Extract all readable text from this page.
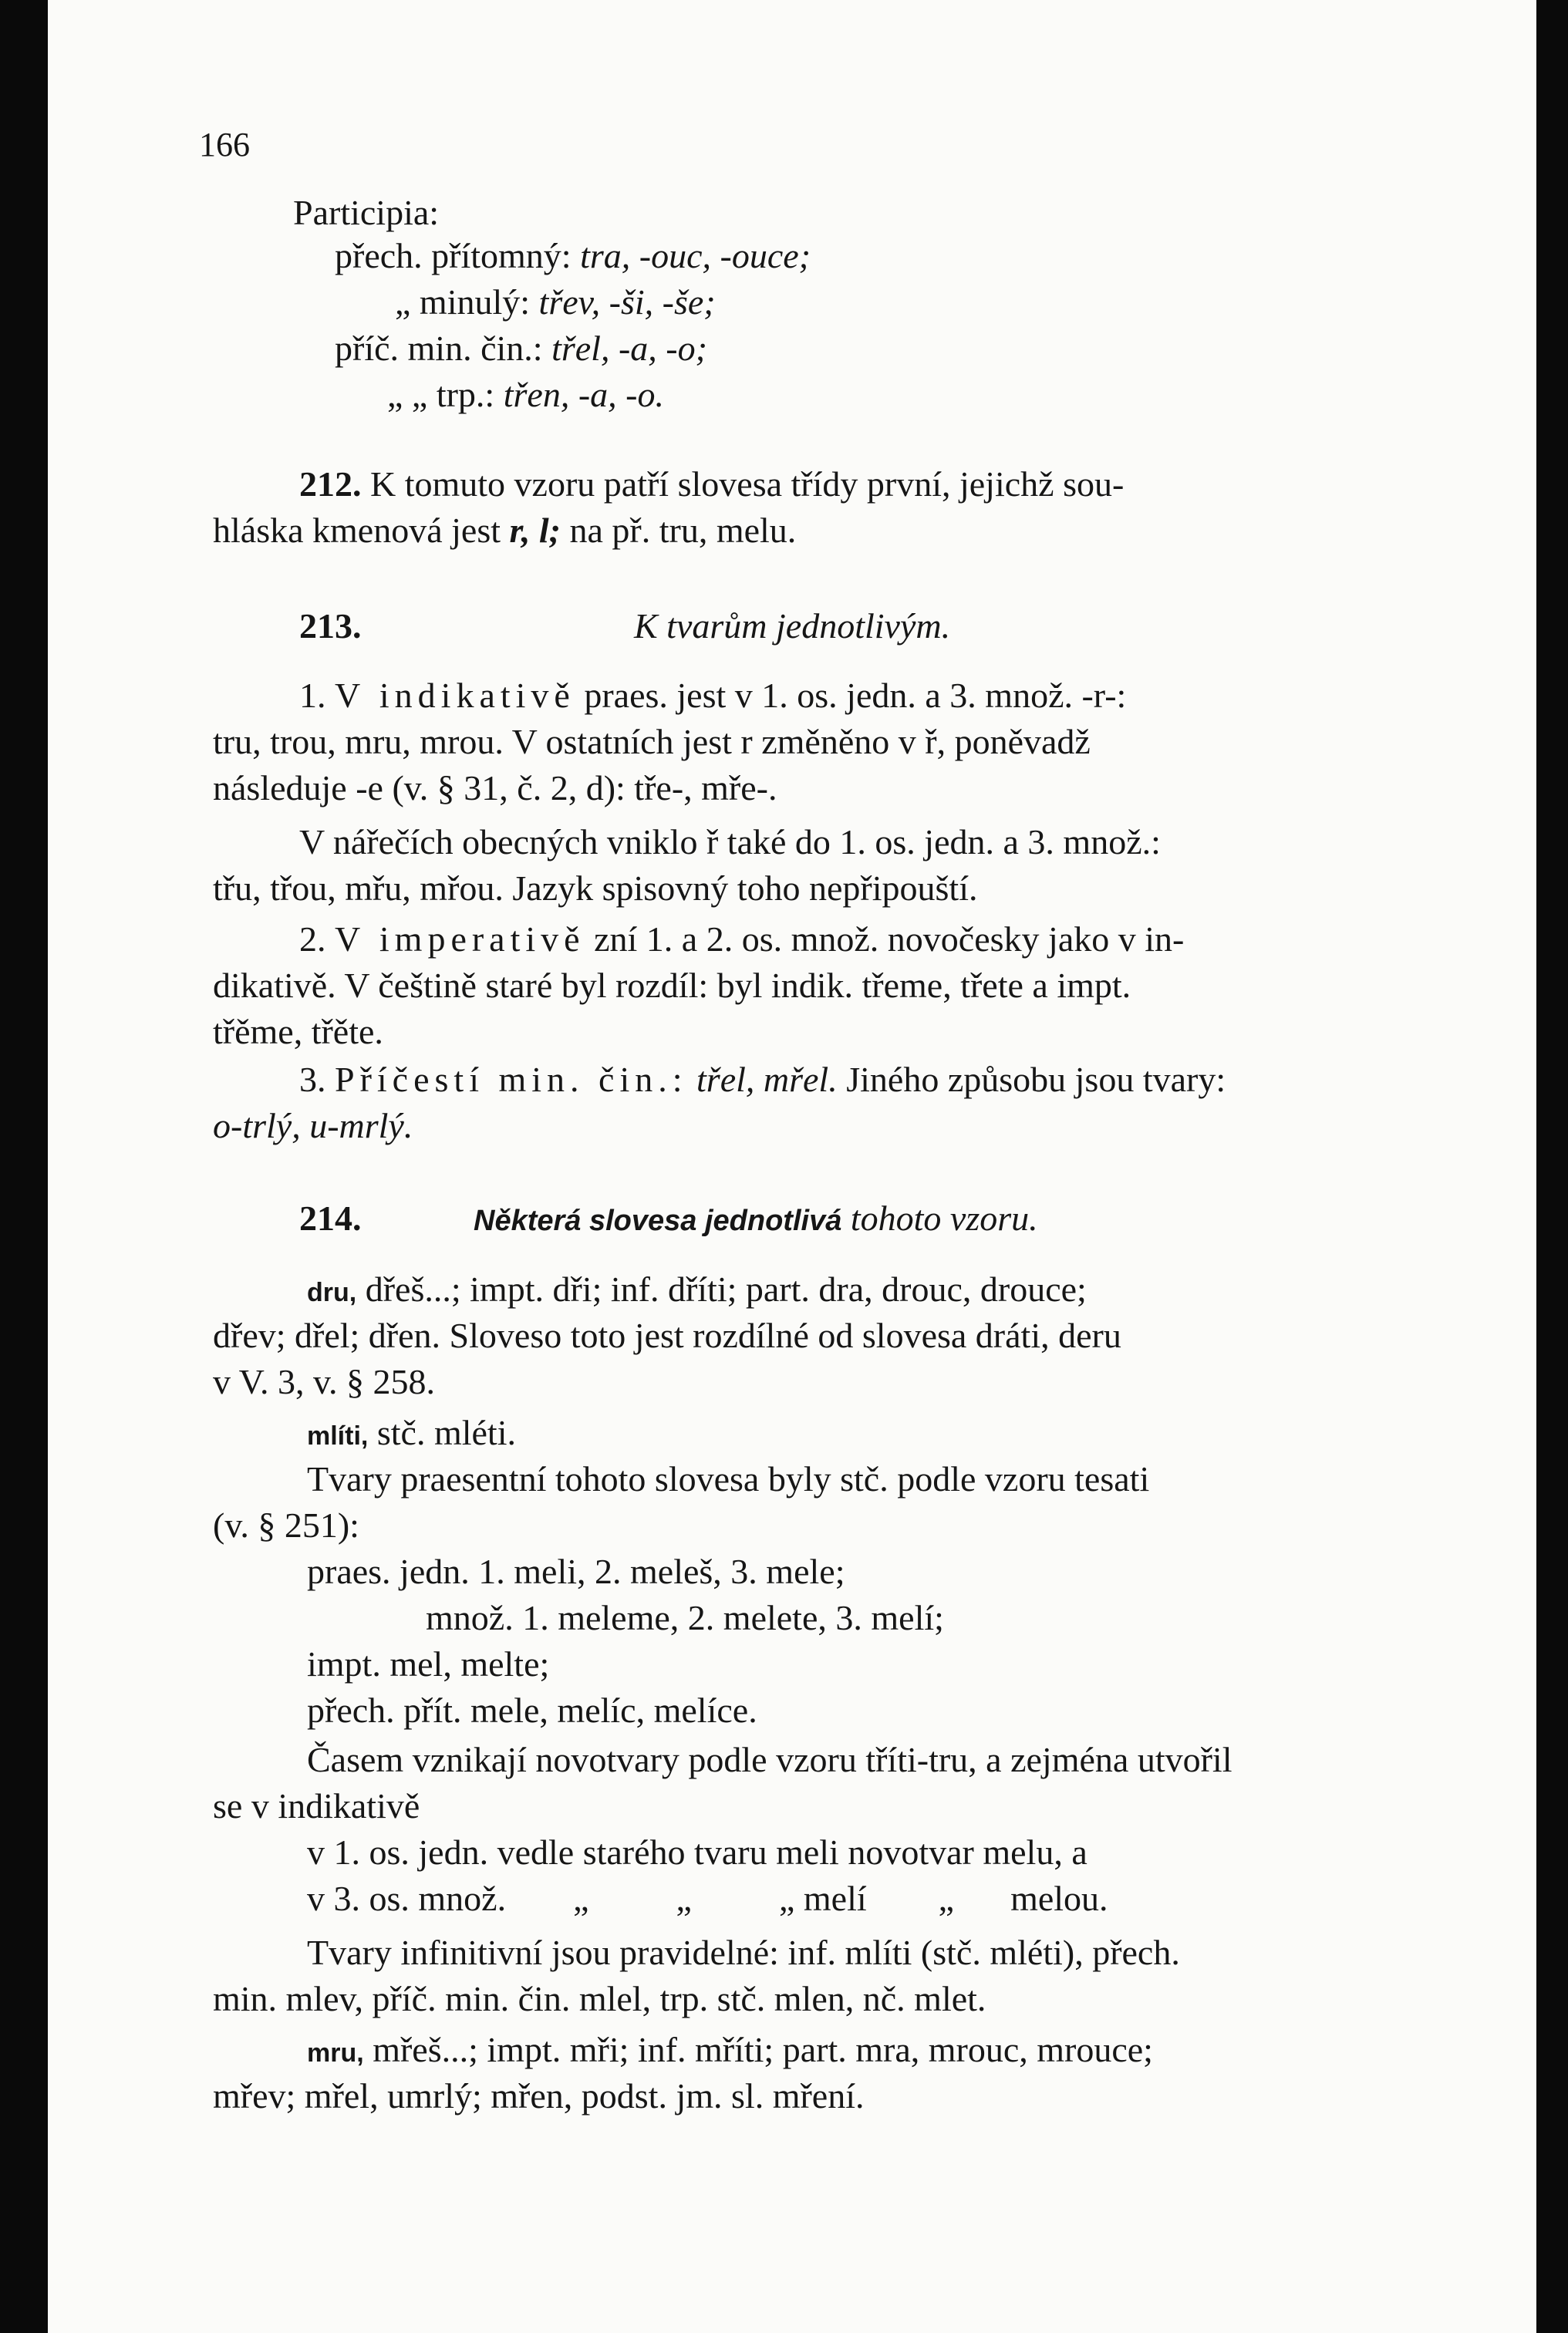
166
Participia:
přech. přítomný: tra, -ouc, -ouce;
„ minulý: třev, -ši, -še;
příč. min. čin.: třel, -a, -o;
„ „ trp.: třen, -a, -o.
212. K tomuto vzoru patří slovesa třídy první, jejichž sou-
hláska kmenová jest r, l; na př. tru, melu.
213.	K tvarům jednotlivým.
1. V indikativě praes. jest v 1. os. jedn. a 3. množ. -r-:
tru, trou, mru, mrou. V ostatních jest r změněno v ř, poněvadž
následuje -e (v. § 31, č. 2, d): tře-, mře-.
V nářečích obecných vniklo ř také do 1. os. jedn. a 3. množ.:
třu, třou, mřu, mřou. Jazyk spisovný toho nepřipouští.
2. V imperativě zní 1. a 2. os. množ. novočesky jako v in-
dikativě. V češtině staré byl rozdíl: byl indik. třeme, třete a impt.
třěme, třěte.
3. Příčestí min. čin.: třel, mřel. Jiného způsobu jsou tvary:
o-trlý, u-mrlý.
214.	Některá slovesa jednotlivá tohoto vzoru.
dru, dřeš...; impt. dři; inf. dříti; part. dra, drouc, drouce;
dřev; dřel; dřen. Sloveso toto jest rozdílné od slovesa dráti, deru
v V. 3, v. § 258.
mlíti, stč. mléti.
Tvary praesentní tohoto slovesa byly stč. podle vzoru tesati
(v. § 251):
praes. jedn. 1. meli, 2. meleš, 3. mele;
množ. 1. meleme, 2. melete, 3. melí;
impt. mel, melte;
přech. přít. mele, melíc, melíce.
Časem vznikají novotvary podle vzoru tříti-tru, a zejména utvořil
se v indikativě
v 1. os. jedn. vedle starého tvaru meli novotvar melu, a
v 3. os. množ. „ „ „ melí „ melou.
Tvary infinitivní jsou pravidelné: inf. mlíti (stč. mléti), přech.
min. mlev, příč. min. čin. mlel, trp. stč. mlen, nč. mlet.
mru, mřeš...; impt. mři; inf. mříti; part. mra, mrouc, mrouce;
mřev; mřel, umrlý; mřen, podst. jm. sl. mření.
